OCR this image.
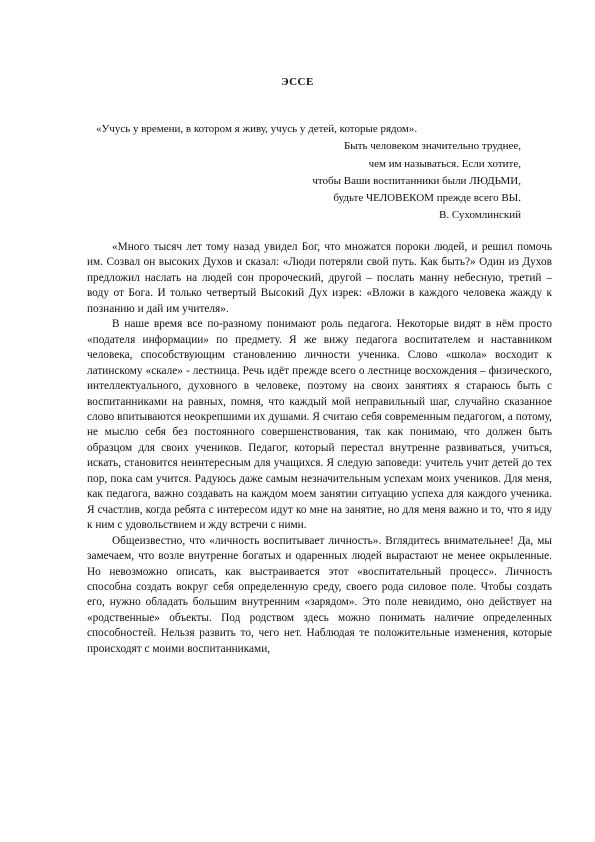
ЭССЕ
«Учусь у времени, в котором я живу, учусь у детей, которые рядом».
Быть человеком значительно труднее,
чем им называться. Если хотите,
чтобы Ваши воспитанники были ЛЮДЬМИ,
будьте ЧЕЛОВЕКОМ прежде всего ВЫ.
В. Сухомлинский

«Много тысяч лет тому назад увидел Бог, что множатся пороки людей, и решил помочь им. Созвал он высоких Духов и сказал: «Люди потеряли свой путь. Как быть?» Один из Духов предложил наслать на людей сон пророческий, другой – послать манну небесную, третий – воду от Бога. И только четвертый Высокий Дух изрек: «Вложи в каждого человека жажду к познанию и дай им учителя».

В наше время все по-разному понимают роль педагога. Некоторые видят в нём просто «подателя информации» по предмету. Я же вижу педагога воспитателем и наставником человека, способствующим становлению личности ученика. Слово «школа» восходит к латинскому «скале» - лестница. Речь идёт прежде всего о лестнице восхождения – физического, интеллектуального, духовного в человеке, поэтому на своих занятиях я стараюсь быть с воспитанниками на равных, помня, что каждый мой неправильный шаг, случайно сказанное слово впитываются неокрепшими их душами. Я считаю себя современным педагогом, а потому, не мыслю себя без постоянного совершенствования, так как понимаю, что должен быть образцом для своих учеников. Педагог, который перестал внутренне развиваться, учиться, искать, становится неинтересным для учащихся. Я следую заповеди: учитель учит детей до тех пор, пока сам учится. Радуюсь даже самым незначительным успехам моих учеников. Для меня, как педагога, важно создавать на каждом моем занятии ситуацию успеха для каждого ученика. Я счастлив, когда ребята с интересом идут ко мне на занятие, но для меня важно и то, что я иду к ним с удовольствием и жду встречи с ними.

Общеизвестно, что «личность воспитывает личность». Вглядитесь внимательнее! Да, мы замечаем, что возле внутренне богатых и одаренных людей вырастают не менее окрыленные. Но невозможно описать, как выстраивается этот «воспитательный процесс». Личность способна создать вокруг себя определенную среду, своего рода силовое поле. Чтобы создать его, нужно обладать большим внутренним «зарядом». Это поле невидимо, оно действует на «родственные» объекты. Под родством здесь можно понимать наличие определенных способностей. Нельзя развить то, чего нет. Наблюдая те положительные изменения, которые происходят с моими воспитанниками,
